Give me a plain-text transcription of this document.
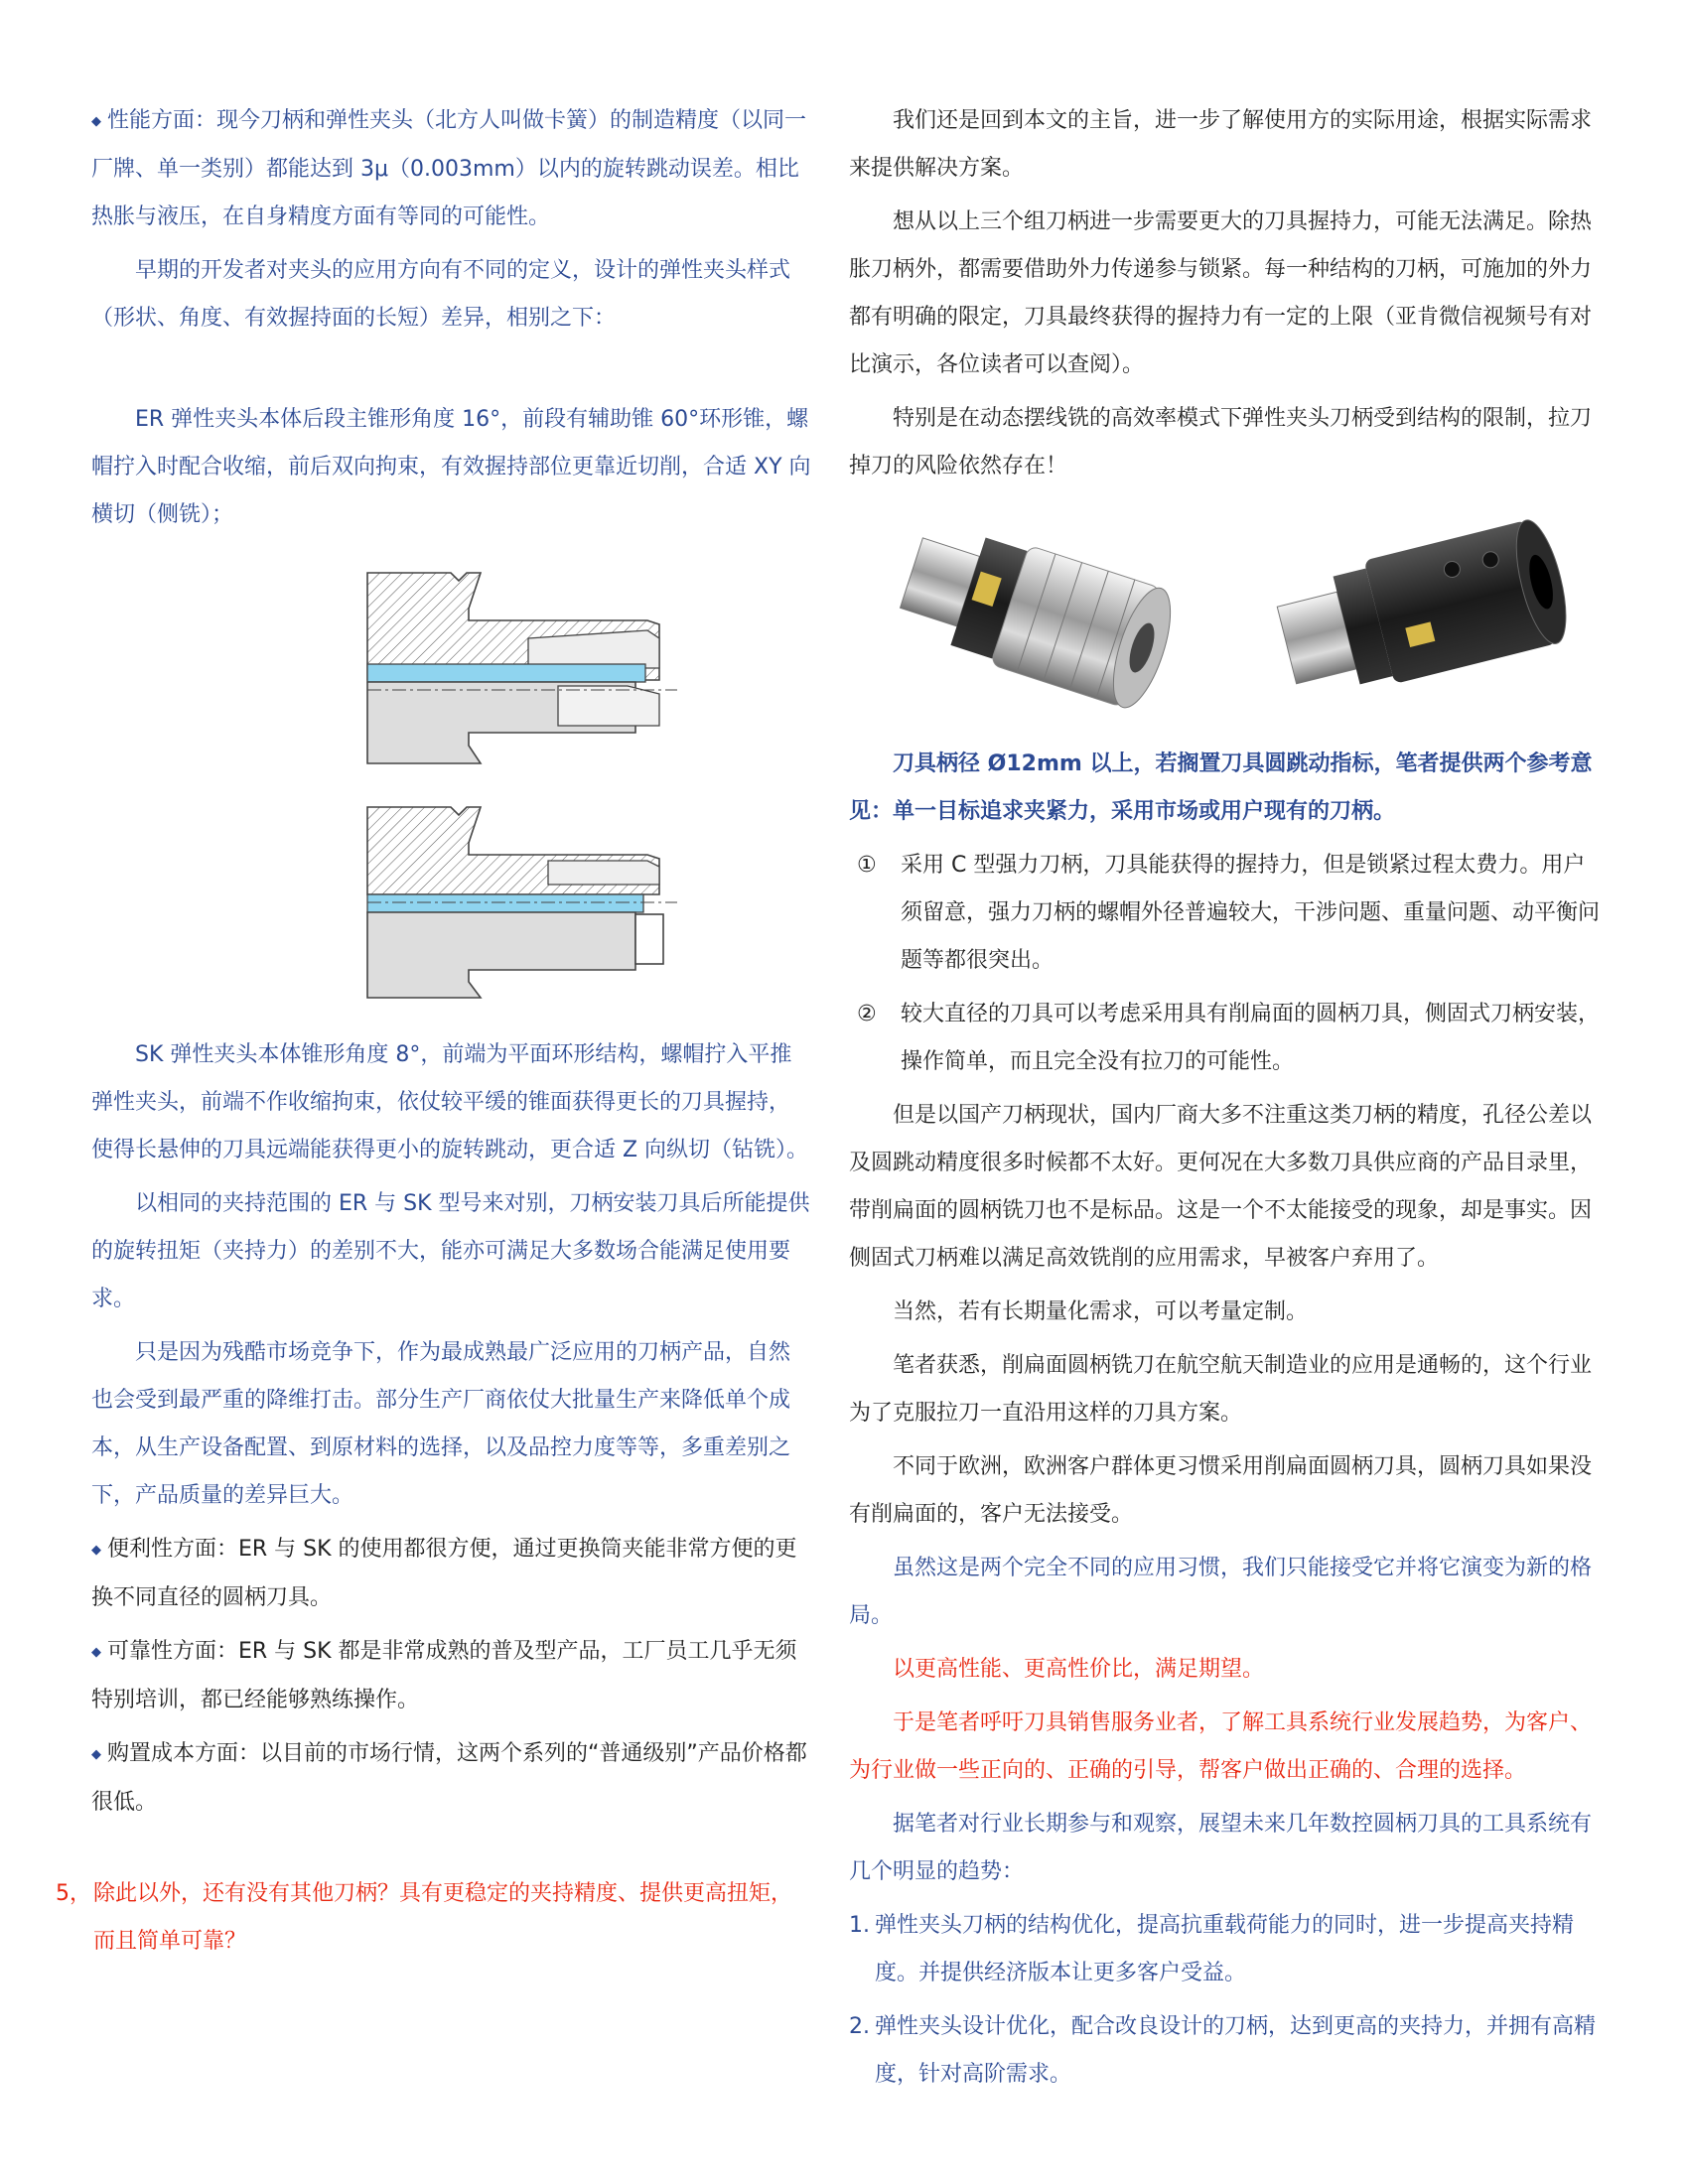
◆ 性能方面：现今刀柄和弹性夹头（北方人叫做卡簧）的制造精度（以同一厂牌、单一类别）都能达到 3μ（0.003mm）以内的旋转跳动误差。相比热胀与液压，在自身精度方面有等同的可能性。

早期的开发者对夹头的应用方向有不同的定义，设计的弹性夹头样式（形状、角度、有效握持面的长短）差异，相别之下：

ER 弹性夹头本体后段主锥形角度 16°，前段有辅助锥 60°环形锥，螺帽拧入时配合收缩，前后双向拘束，有效握持部位更靠近切削，合适 XY 向横切（侧铣）；

SK 弹性夹头本体锥形角度 8°，前端为平面环形结构，螺帽拧入平推弹性夹头，前端不作收缩拘束，依仗较平缓的锥面获得更长的刀具握持，使得长悬伸的刀具远端能获得更小的旋转跳动，更合适 Z 向纵切（钻铣）。

以相同的夹持范围的 ER 与 SK 型号来对别，刀柄安装刀具后所能提供的旋转扭矩（夹持力）的差别不大，能亦可满足大多数场合能满足使用要求。

只是因为残酷市场竞争下，作为最成熟最广泛应用的刀柄产品，自然也会受到最严重的降维打击。部分生产厂商依仗大批量生产来降低单个成本，从生产设备配置、到原材料的选择，以及品控力度等等，多重差别之下，产品质量的差异巨大。

◆ 便利性方面：ER 与 SK 的使用都很方便，通过更换筒夹能非常方便的更换不同直径的圆柄刀具。

◆ 可靠性方面：ER 与 SK 都是非常成熟的普及型产品，工厂员工几乎无须特别培训，都已经能够熟练操作。

◆ 购置成本方面：以目前的市场行情，这两个系列的“普通级别”产品价格都很低。

5， 除此以外，还有没有其他刀柄？具有更稳定的夹持精度、提供更高扭矩，而且简单可靠？

我们还是回到本文的主旨，进一步了解使用方的实际用途，根据实际需求来提供解决方案。

想从以上三个组刀柄进一步需要更大的刀具握持力，可能无法满足。除热胀刀柄外，都需要借助外力传递参与锁紧。每一种结构的刀柄，可施加的外力都有明确的限定，刀具最终获得的握持力有一定的上限（亚肯微信视频号有对比演示，各位读者可以查阅）。

特别是在动态摆线铣的高效率模式下弹性夹头刀柄受到结构的限制，拉刀掉刀的风险依然存在！

刀具柄径 Ø12mm 以上，若搁置刀具圆跳动指标，笔者提供两个参考意见：单一目标追求夹紧力，采用市场或用户现有的刀柄。

① 采用 C 型强力刀柄，刀具能获得的握持力，但是锁紧过程太费力。用户须留意，强力刀柄的螺帽外径普遍较大，干涉问题、重量问题、动平衡问题等都很突出。

② 较大直径的刀具可以考虑采用具有削扁面的圆柄刀具，侧固式刀柄安装，操作简单，而且完全没有拉刀的可能性。

但是以国产刀柄现状，国内厂商大多不注重这类刀柄的精度，孔径公差以及圆跳动精度很多时候都不太好。更何况在大多数刀具供应商的产品目录里，带削扁面的圆柄铣刀也不是标品。这是一个不太能接受的现象，却是事实。因侧固式刀柄难以满足高效铣削的应用需求，早被客户弃用了。

当然，若有长期量化需求，可以考量定制。

笔者获悉，削扁面圆柄铣刀在航空航天制造业的应用是通畅的，这个行业为了克服拉刀一直沿用这样的刀具方案。

不同于欧洲，欧洲客户群体更习惯采用削扁面圆柄刀具，圆柄刀具如果没有削扁面的，客户无法接受。

虽然这是两个完全不同的应用习惯，我们只能接受它并将它演变为新的格局。

以更高性能、更高性价比，满足期望。

于是笔者呼吁刀具销售服务业者，了解工具系统行业发展趋势，为客户、为行业做一些正向的、正确的引导，帮客户做出正确的、合理的选择。

据笔者对行业长期参与和观察，展望未来几年数控圆柄刀具的工具系统有几个明显的趋势：

1. 弹性夹头刀柄的结构优化，提高抗重载荷能力的同时，进一步提高夹持精度。并提供经济版本让更多客户受益。

2. 弹性夹头设计优化，配合改良设计的刀柄，达到更高的夹持力，并拥有高精度，针对高阶需求。
